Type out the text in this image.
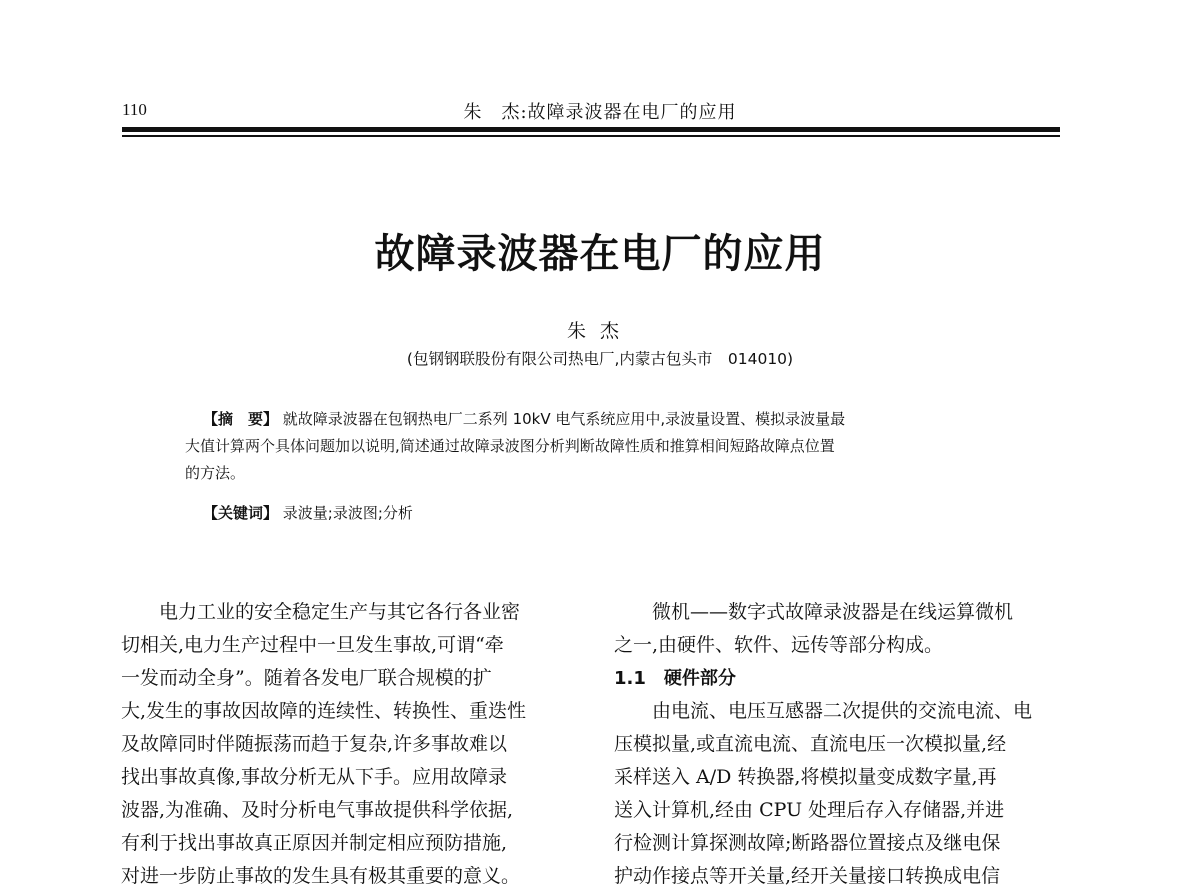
110	朱　杰:故障录波器在电厂的应用
故障录波器在电厂的应用
朱杰
(包钢钢联股份有限公司热电厂,内蒙古包头市　014010)
【摘　要】 就故障录波器在包钢热电厂二系列 10kV 电气系统应用中,录波量设置、模拟录波量最
大值计算两个具体问题加以说明,简述通过故障录波图分析判断故障性质和推算相间短路故障点位置
的方法。
【关键词】 录波量;录波图;分析

电力工业的安全稳定生产与其它各行各业密

切相关,电力生产过程中一旦发生事故,可谓“牵

一发而动全身”。随着各发电厂联合规模的扩

大,发生的事故因故障的连续性、转换性、重迭性

及故障同时伴随振荡而趋于复杂,许多事故难以

找出事故真像,事故分析无从下手。应用故障录

波器,为准确、及时分析电气事故提供科学依据,

有利于找出事故真正原因并制定相应预防措施,

对进一步防止事故的发生具有极其重要的意义。

微机——数字式故障录波器是在线运算微机

之一,由硬件、软件、远传等部分构成。

1.1　硬件部分

由电流、电压互感器二次提供的交流电流、电

压模拟量,或直流电流、直流电压一次模拟量,经

采样送入 A/D 转换器,将模拟量变成数字量,再

送入计算机,经由 CPU 处理后存入存储器,并进

行检测计算探测故障;断路器位置接点及继电保

护动作接点等开关量,经开关量接口转换成电信
